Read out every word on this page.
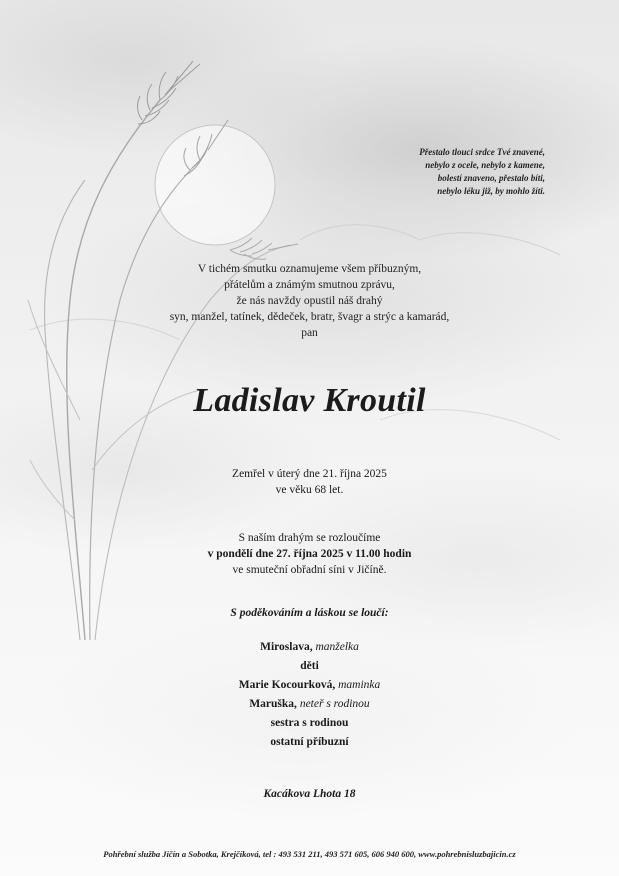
Přestalo tlouci srdce Tvé znavené,
nebylo z ocele, nebylo z kamene,
bolestí znaveno, přestalo bíti,
nebylo léku již, by mohlo žíti.
V tichém smutku oznamujeme všem příbuzným,
přátelům a známým smutnou zprávu,
že nás navždy opustil náš drahý
syn, manžel, tatínek, dědeček, bratr, švagr a strýc a kamarád,
pan
Ladislav Kroutil
Zemřel v úterý dne 21. října 2025
ve věku 68 let.
S naším drahým se rozloučíme
v pondělí dne 27. října 2025 v 11.00 hodin
ve smuteční obřadní síni v Jičíně.
S poděkováním a láskou se loučí:
Miroslava, manželka
děti
Marie Kocourková, maminka
Maruška, neteř s rodinou
sestra s rodinou
ostatní příbuzní
Kacákova Lhota 18
Pohřební služba Jičín a Sobotka, Krejčíková, tel : 493 531 211, 493 571 605, 606 940 600, www.pohrebnisluzbajicin.cz
